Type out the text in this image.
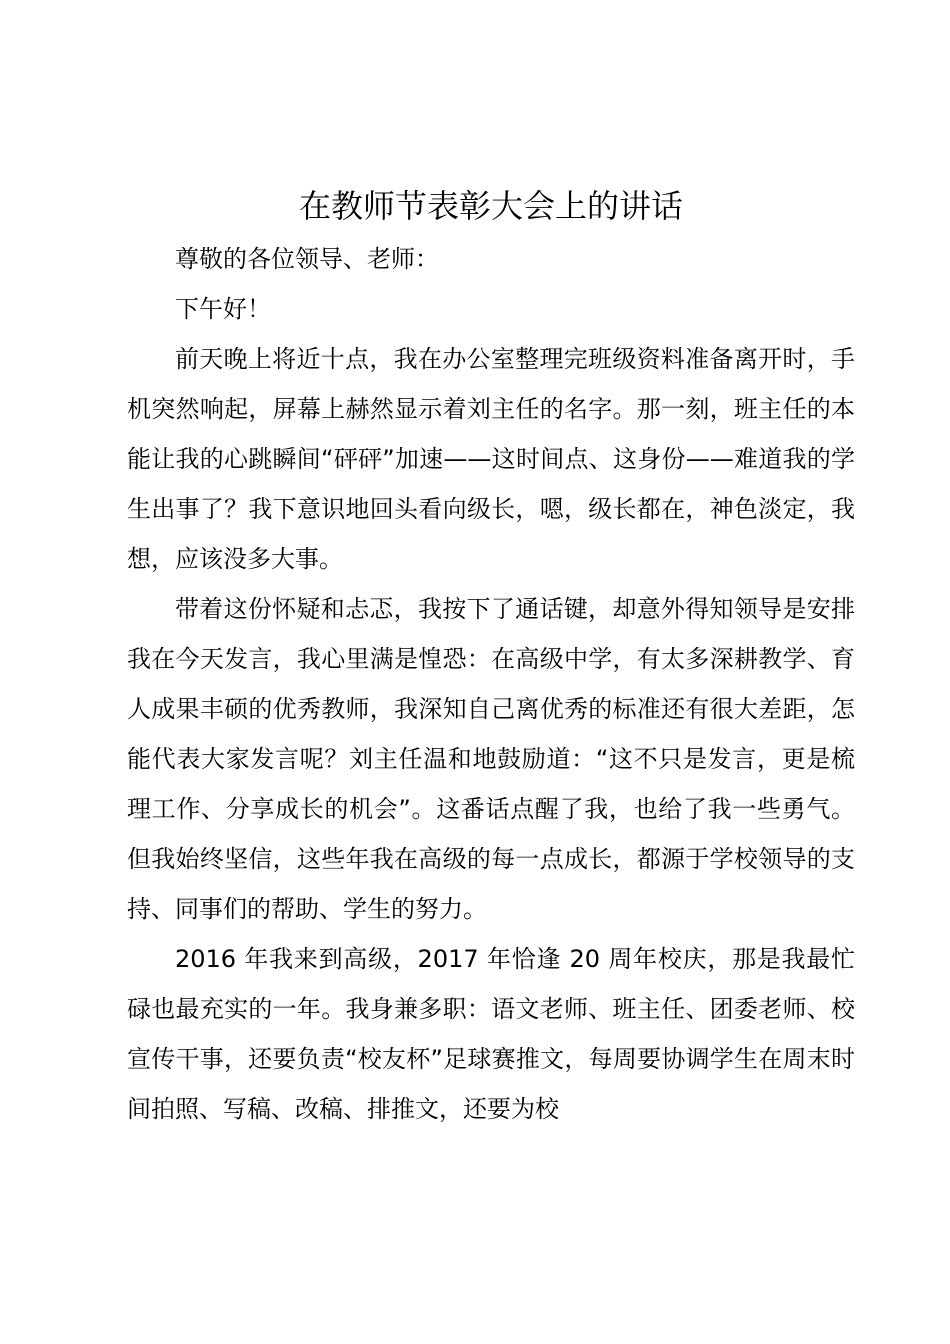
在教师节表彰大会上的讲话

尊敬的各位领导、老师：

下午好！

前天晚上将近十点，我在办公室整理完班级资料准备离开时，手机突然响起，屏幕上赫然显示着刘主任的名字。那一刻，班主任的本能让我的心跳瞬间“砰砰”加速——这时间点、这身份——难道我的学生出事了？我下意识地回头看向级长，嗯，级长都在，神色淡定，我想，应该没多大事。

带着这份怀疑和忐忑，我按下了通话键，却意外得知领导是安排我在今天发言，我心里满是惶恐：在高级中学，有太多深耕教学、育人成果丰硕的优秀教师，我深知自己离优秀的标准还有很大差距，怎能代表大家发言呢？刘主任温和地鼓励道：“这不只是发言，更是梳理工作、分享成长的机会”。这番话点醒了我，也给了我一些勇气。但我始终坚信，这些年我在高级的每一点成长，都源于学校领导的支持、同事们的帮助、学生的努力。

2016 年我来到高级，2017 年恰逢 20 周年校庆，那是我最忙碌也最充实的一年。我身兼多职：语文老师、班主任、团委老师、校宣传干事，还要负责“校友杯”足球赛推文，每周要协调学生在周末时间拍照、写稿、改稿、排推文，还要为校
